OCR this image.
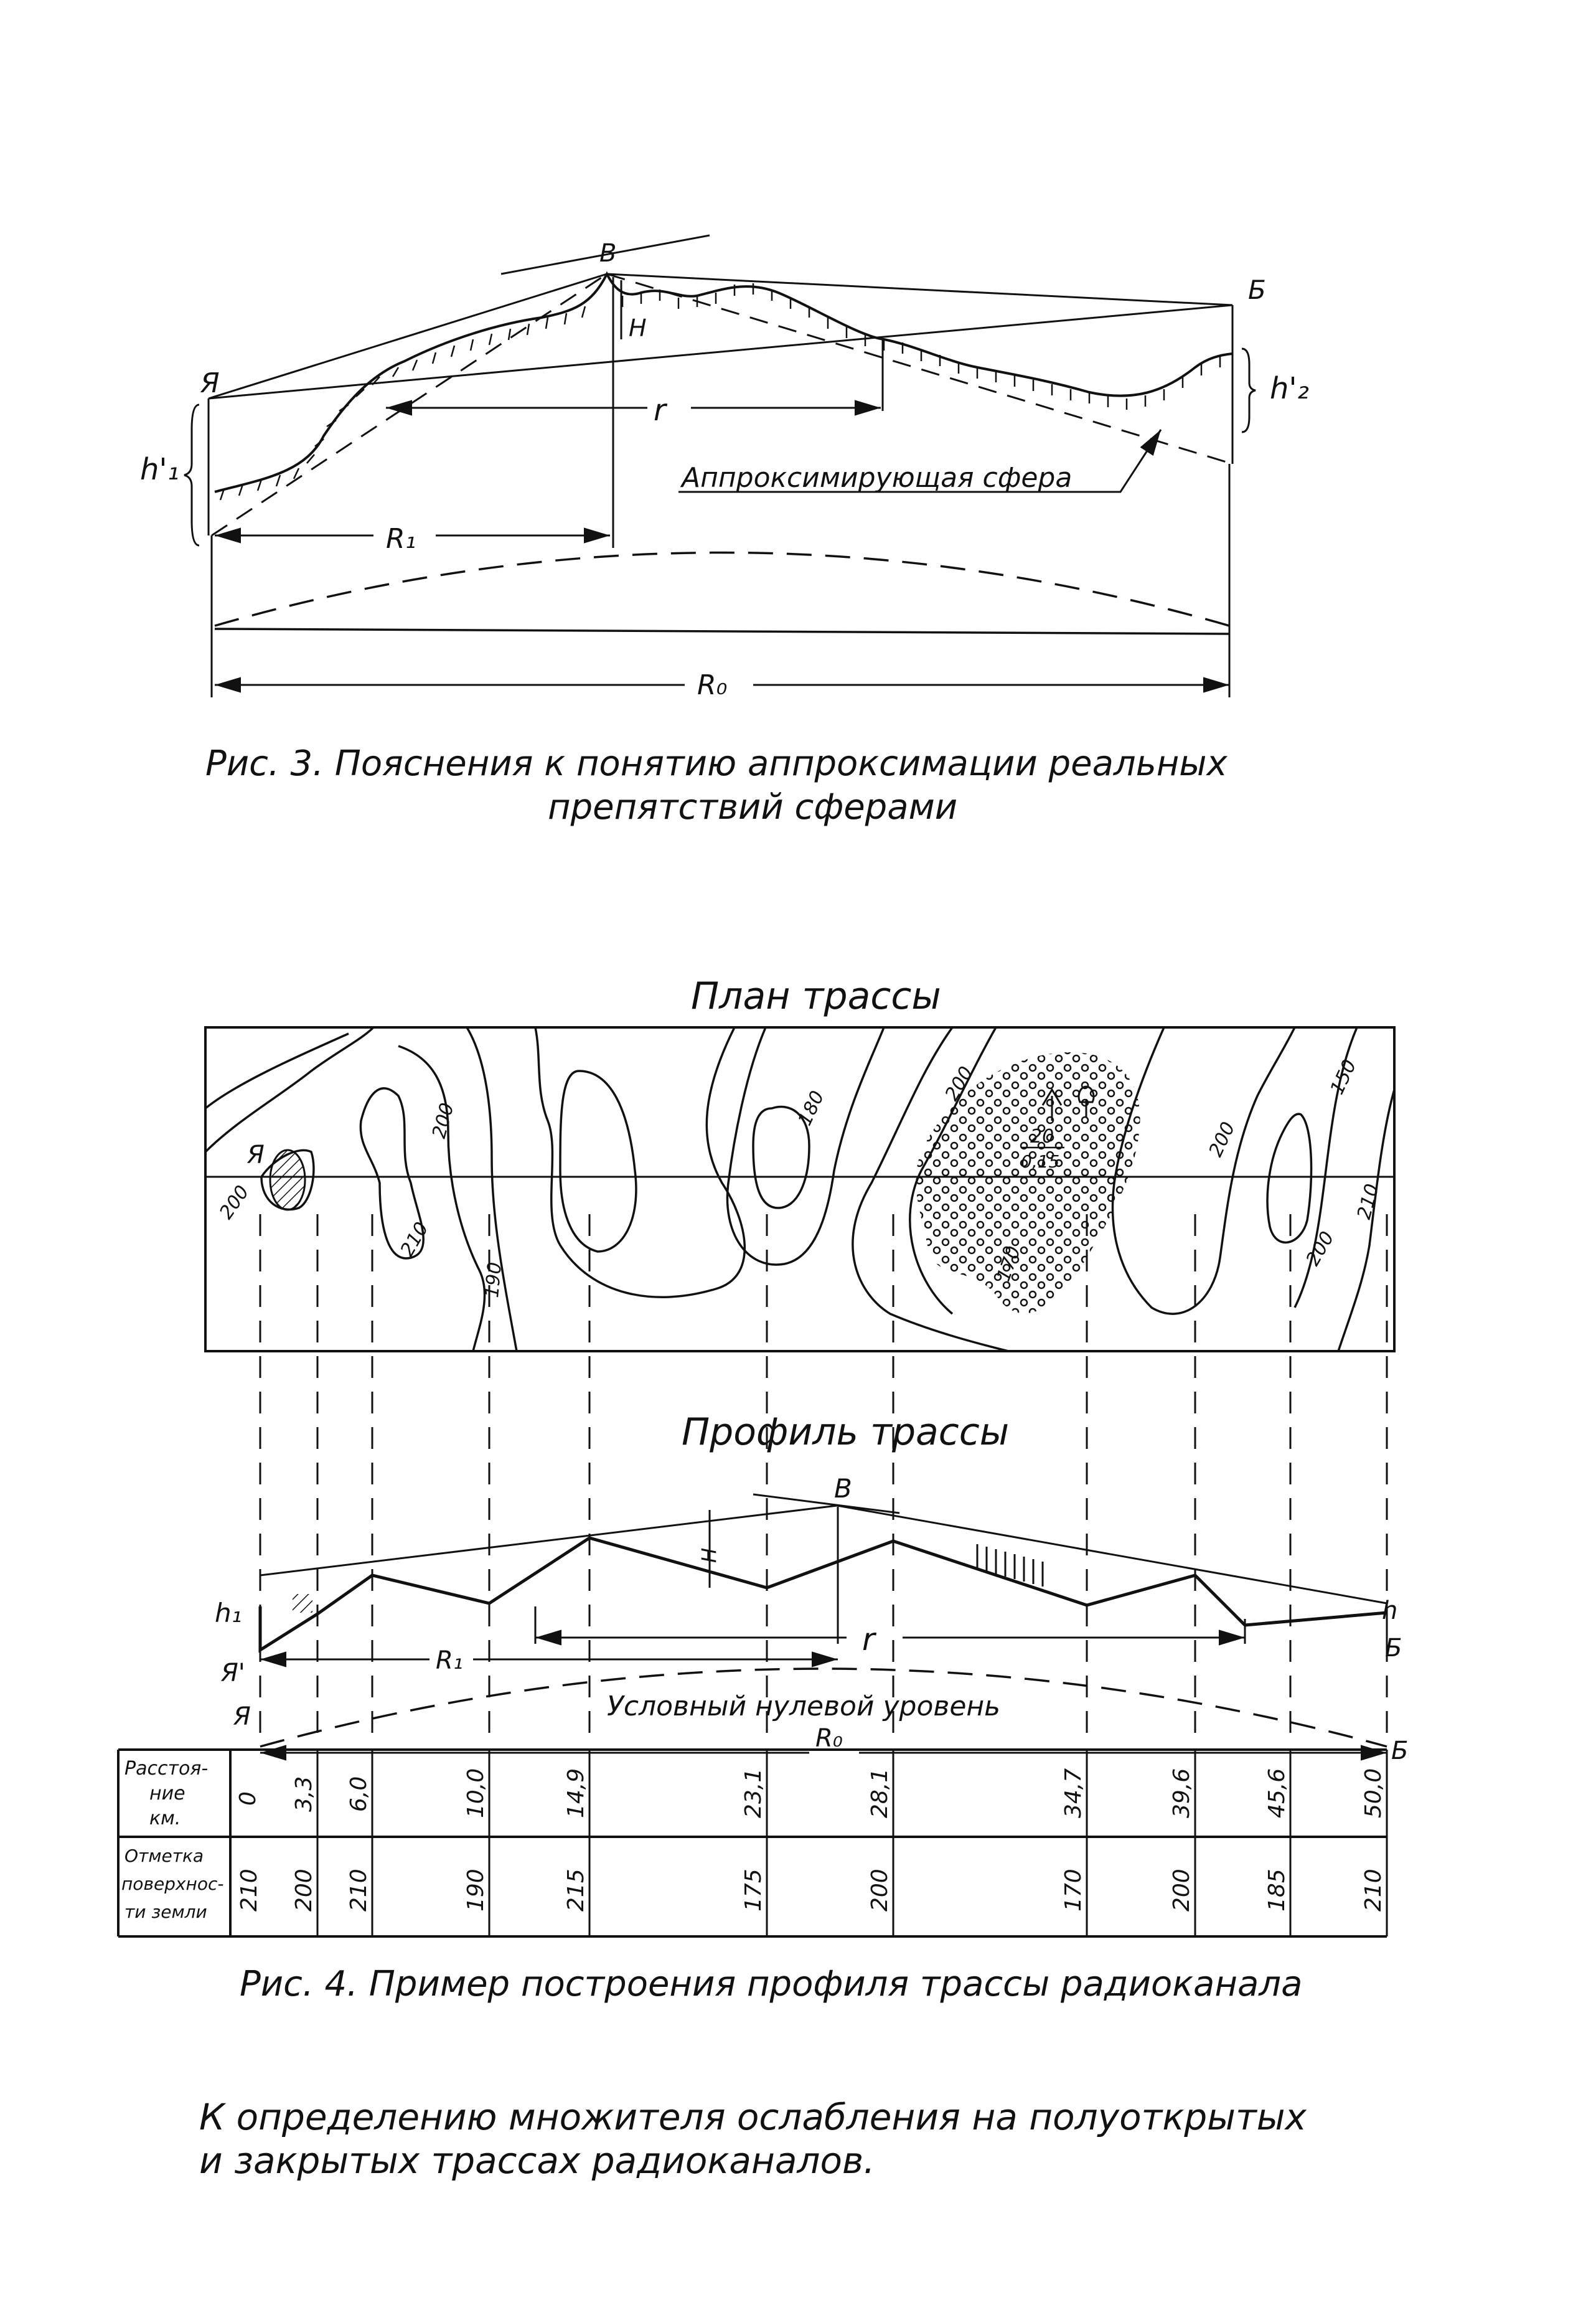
Я
В
Б
H
r
h'₁
h'₂
R₁
R₀
Аппроксимирующая сфера
Рис. 3. Пояснения к понятию аппроксимации реальных
препятствий сферами
План трассы
Я
200
200
210
190
180
200
20
0,15
170
200
150
200
210
Профиль трассы
В
H
h₁	h
Я'
Б
Я
Б
r
R₁
R₀
Условный нулевой уровень
Расстоя-
ние
км.
Отметка
поверхнос-
ти земли
0 3,3 6,0	10,0	14,9	23,1	28,1	34,7	39,6	45,6	50,0
210 200 210	190	215	175	200	170	200	185	210
Рис. 4. Пример построения профиля трассы радиоканала
К определению множителя ослабления на полуоткрытых
и закрытых трассах радиоканалов.
